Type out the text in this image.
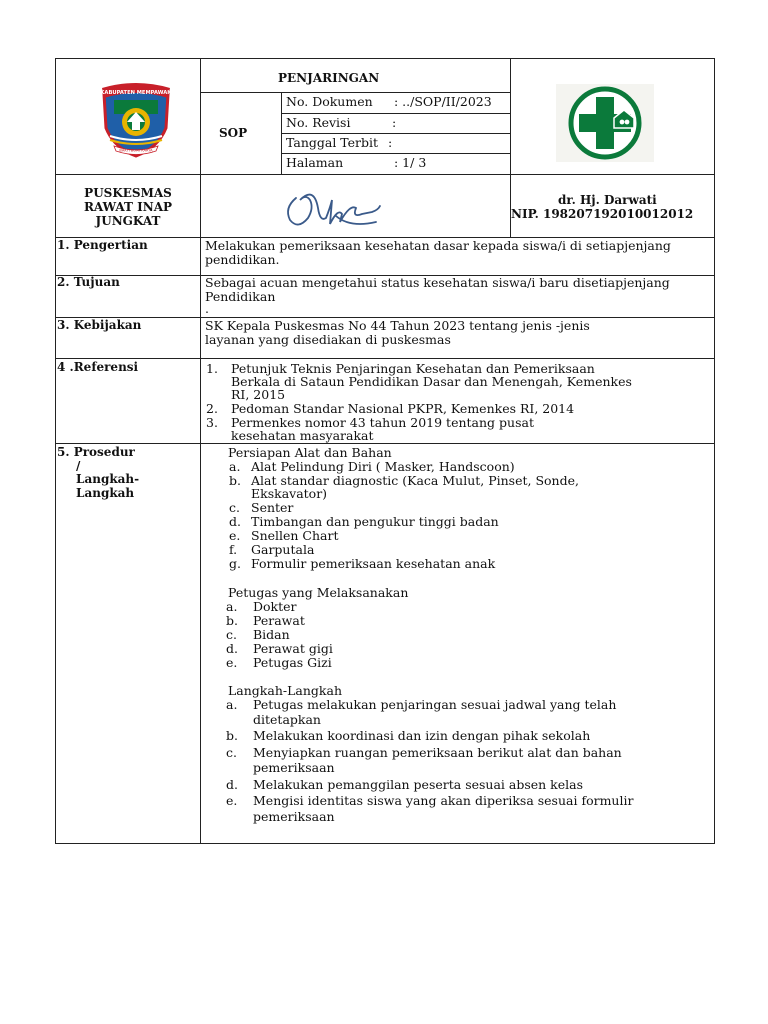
KABUPATEN MEMPAWAH
BAKTI BUMI KARYA
PENJARINGAN
SOP
No. Dokumen : ../SOP/II/2023
No. Revisi	:
Tanggal Terbit :
Halaman	: 1/ 3
PUSKESMAS
RAWAT INAP
JUNGKAT
dr. Hj. Darwati
NIP. 198207192010012012
1. Pengertian
2. Tujuan
3. Kebijakan
4 .Referensi
5. Prosedur
/
Langkah-
Langkah
Melakukan pemeriksaan kesehatan dasar kepada siswa/i di setiapjenjang
pendidikan.
Sebagai acuan mengetahui status kesehatan siswa/i baru disetiapjenjang
Pendidikan
.
SK Kepala Puskesmas No 44 Tahun 2023 tentang jenis -jenis
layanan yang disediakan di puskesmas
1. Petunjuk Teknis Penjaringan Kesehatan dan Pemeriksaan
Berkala di Sataun Pendidikan Dasar dan Menengah, Kemenkes
RI, 2015
2. Pedoman Standar Nasional PKPR, Kemenkes RI, 2014
3. Permenkes nomor 43 tahun 2019 tentang pusat
kesehatan masyarakat
Persiapan Alat dan Bahan
a. Alat Pelindung Diri ( Masker, Handscoon)
b. Alat standar diagnostic (Kaca Mulut, Pinset, Sonde,
Ekskavator)
c. Senter
d. Timbangan dan pengukur tinggi badan
e. Snellen Chart
f. Garputala
g. Formulir pemeriksaan kesehatan anak
Petugas yang Melaksanakan
a. Dokter
b. Perawat
c. Bidan
d. Perawat gigi
e. Petugas Gizi
Langkah-Langkah
a. Petugas melakukan penjaringan sesuai jadwal yang telah
ditetapkan
b. Melakukan koordinasi dan izin dengan pihak sekolah
c. Menyiapkan ruangan pemeriksaan berikut alat dan bahan
pemeriksaan
d. Melakukan pemanggilan peserta sesuai absen kelas
e. Mengisi identitas siswa yang akan diperiksa sesuai formulir
pemeriksaan
